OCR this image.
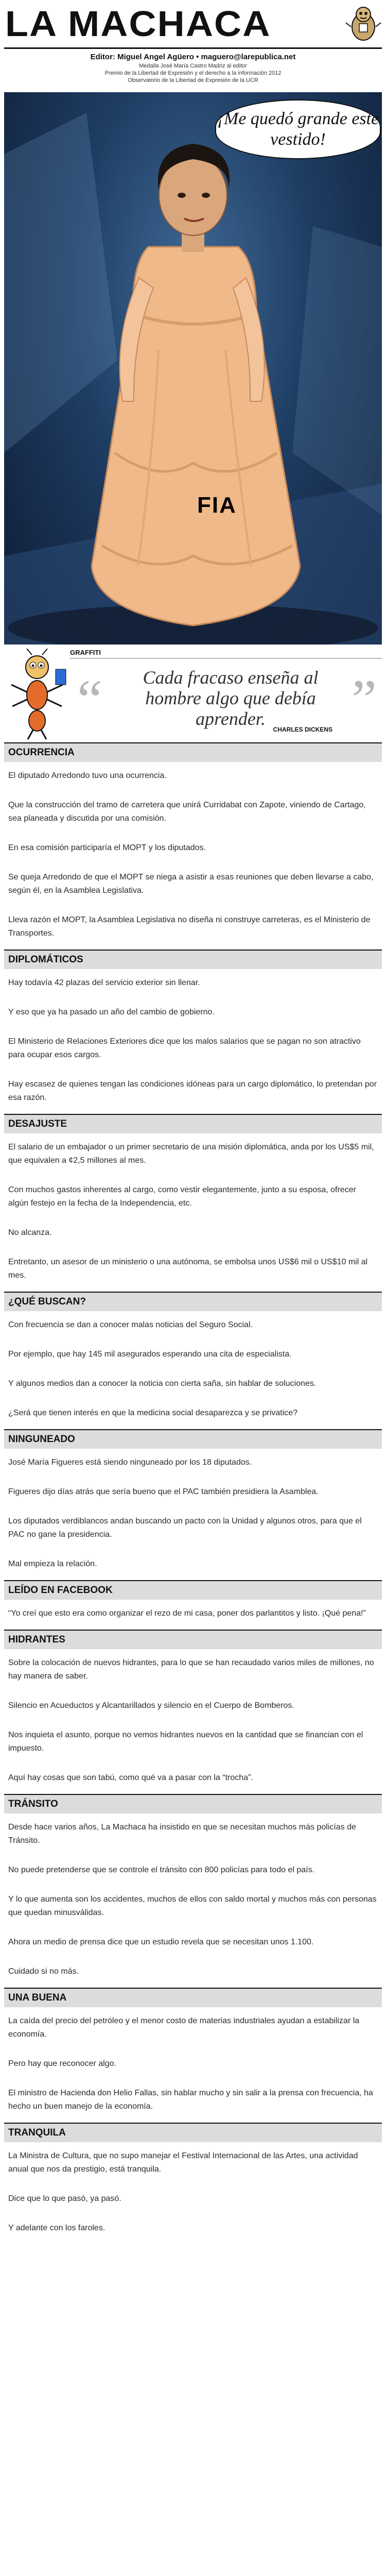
LA MACHACA
Editor: Miguel Angel Agüero • maguero@larepublica.net
Medalla José María Castro Madriz al editor
Premio de la Libertad de Expresión y el derecho a la información 2012
Observatorio de la Libertad de Expresión de la UCR
¡Me quedó grande este vestido!
FIA
GRAFFITI
“	Cada fracaso enseña al hombre algo que debía aprender.	”
CHARLES DICKENS
OCURRENCIA

El diputado Arredondo tuvo una ocurrencia.

Que la construcción del tramo de carretera que unirá Curridabat con Zapote, viniendo de Cartago, sea planeada y discutida por una comisión.

En esa comisión participaría el MOPT y los diputados.

Se queja Arredondo de que el MOPT se niega a asistir a esas reuniones que deben llevarse a cabo, según él, en la Asamblea Legislativa.

Lleva razón el MOPT, la Asamblea Legislativa no diseña ni construye carreteras, es el Ministerio de Transportes.

DIPLOMÁTICOS

Hay todavía 42 plazas del servicio exterior sin llenar.

Y eso que ya ha pasado un año del cambio de gobierno.

El Ministerio de Relaciones Exteriores dice que los malos salarios que se pagan no son atractivo para ocupar esos cargos.

Hay escasez de quienes tengan las condiciones idóneas para un cargo diplomático, lo pretendan por esa razón.

DESAJUSTE

El salario de un embajador o un primer secretario de una misión diplomática, anda por los US$5 mil, que equivalen a ¢2,5 millones al mes.

Con muchos gastos inherentes al cargo, como vestir elegantemente, junto a su esposa, ofrecer algún festejo en la fecha de la Independencia, etc.

No alcanza.

Entretanto, un asesor de un ministerio o una autónoma, se embolsa unos US$6 mil o US$10 mil al mes.

¿QUÉ BUSCAN?

Con frecuencia se dan a conocer malas noticias del Seguro Social.

Por ejemplo, que hay 145 mil asegurados esperando una cita de especialista.

Y algunos medios dan a conocer la noticia con cierta saña, sin hablar de soluciones.

¿Será que tienen interés en que la medicina social desaparezca y se privatice?

NINGUNEADO

José María Figueres está siendo ninguneado por los 18 diputados.

Figueres dijo días atrás que sería bueno que el PAC también presidiera la Asamblea.

Los diputados verdiblancos andan buscando un pacto con la Unidad y algunos otros, para que el PAC no gane la presidencia.

Mal empieza la relación.

LEÍDO EN FACEBOOK

“Yo creí que esto era como organizar el rezo de mi casa, poner dos parlantitos y listo. ¡Qué pena!”

HIDRANTES

Sobre la colocación de nuevos hidrantes, para lo que se han recaudado varios miles de millones, no hay manera de saber.

Silencio en Acueductos y Alcantarillados y silencio en el Cuerpo de Bomberos.

Nos inquieta el asunto, porque no vemos hidrantes nuevos en la cantidad que se financian con el impuesto.

Aquí hay cosas que son tabú, como qué va a pasar con la “trocha”.

TRÁNSITO

Desde hace varios años, La Machaca ha insistido en que se necesitan muchos más policías de Tránsito.

No puede pretenderse que se controle el tránsito con 800 policías para todo el país.

Y lo que aumenta son los accidentes, muchos de ellos con saldo mortal y muchos más con personas que quedan minusválidas.

Ahora un medio de prensa dice que un estudio revela que se necesitan unos 1.100.

Cuidado si no más.

UNA BUENA

La caída del precio del petróleo y el menor costo de materias industriales ayudan a estabilizar la economía.

Pero hay que reconocer algo.

El ministro de Hacienda don Helio Fallas, sin hablar mucho y sin salir a la prensa con frecuencia, ha hecho un buen manejo de la economía.

TRANQUILA

La Ministra de Cultura, que no supo manejar el Festival Internacional de las Artes, una actividad anual que nos da prestigio, está tranquila.

Dice que lo que pasó, ya pasó.

Y adelante con los faroles.
